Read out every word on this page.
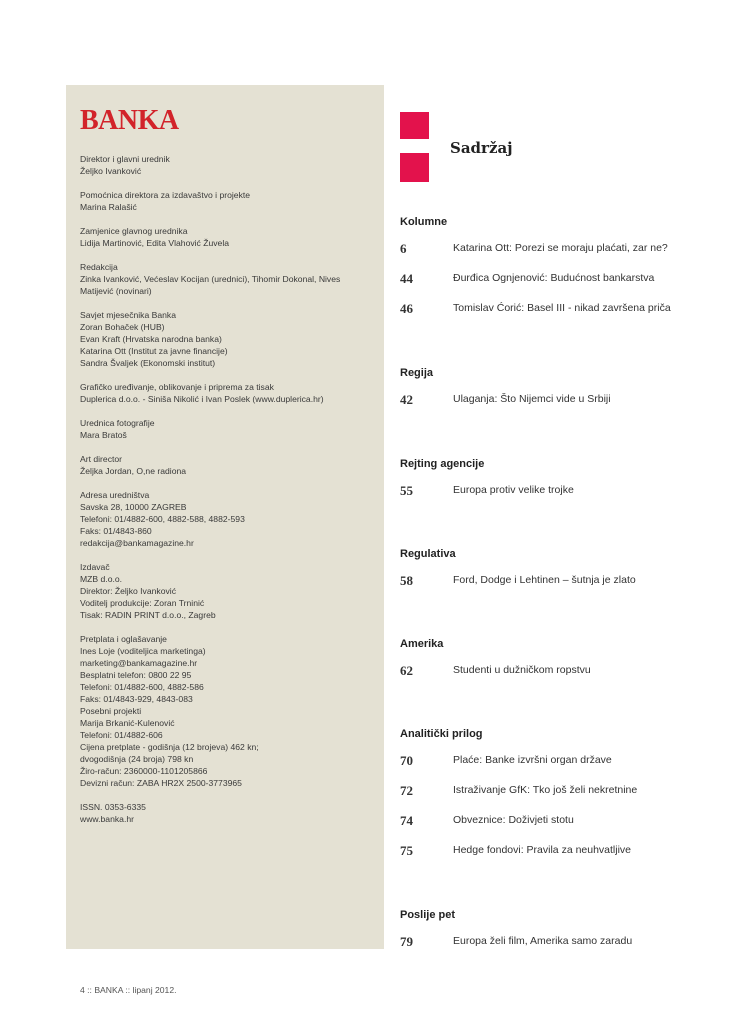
BANKA
Direktor i glavni urednik
Željko Ivanković
Pomoćnica direktora za izdavaštvo i projekte
Marina Ralašić
Zamjenice glavnog urednika
Lidija Martinović, Edita Vlahović Žuvela
Redakcija
Zinka Ivanković, Većeslav Kocijan (urednici), Tihomir Dokonal, Nives
Matijević (novinari)
Savjet mjesečnika Banka
Zoran Bohaček (HUB)
Evan Kraft (Hrvatska narodna banka)
Katarina Ott (Institut za javne financije)
Sandra Švaljek (Ekonomski institut)
Grafičko uređivanje, oblikovanje i priprema za tisak
Duplerica d.o.o. - Siniša Nikolić i Ivan Poslek (www.duplerica.hr)
Urednica fotografije
Mara Bratoš
Art director
Željka Jordan, O,ne radiona
Adresa uredništva
Savska 28, 10000 ZAGREB
Telefoni: 01/4882-600, 4882-588, 4882-593
Faks: 01/4843-860
redakcija@bankamagazine.hr
Izdavač
MZB d.o.o.
Direktor: Željko Ivanković
Voditelj produkcije: Zoran Trninić
Tisak: RADIN PRINT d.o.o., Zagreb
Pretplata i oglašavanje
Ines Loje (voditeljica marketinga)
marketing@bankamagazine.hr
Besplatni telefon: 0800 22 95
Telefoni: 01/4882-600, 4882-586
Faks: 01/4843-929, 4843-083
Posebni projekti
Marija Brkanić-Kulenović
Telefoni: 01/4882-606
Cijena pretplate - godišnja (12 brojeva) 462 kn;
dvogodišnja (24 broja) 798 kn
Žiro-račun: 2360000-1101205866
Devizni račun: ZABA HR2X 2500-3773965
ISSN. 0353-6335
www.banka.hr
4 :: BANKA :: lipanj 2012.
Sadržaj
Kolumne
6	Katarina Ott: Porezi se moraju plaćati, zar ne?
44	Đurđica Ognjenović: Budućnost bankarstva
46	Tomislav Ćorić: Basel III - nikad završena priča
Regija
42	Ulaganja: Što Nijemci vide u Srbiji
Rejting agencije
55	Europa protiv velike trojke
Regulativa
58	Ford, Dodge i Lehtinen – šutnja je zlato
Amerika
62	Studenti u dužničkom ropstvu
Analitički prilog
70	Plaće: Banke izvršni organ države
72	Istraživanje GfK: Tko još želi nekretnine
74	Obveznice: Doživjeti stotu
75	Hedge fondovi: Pravila za neuhvatljive
Poslije pet
79	Europa želi film, Amerika samo zaradu
